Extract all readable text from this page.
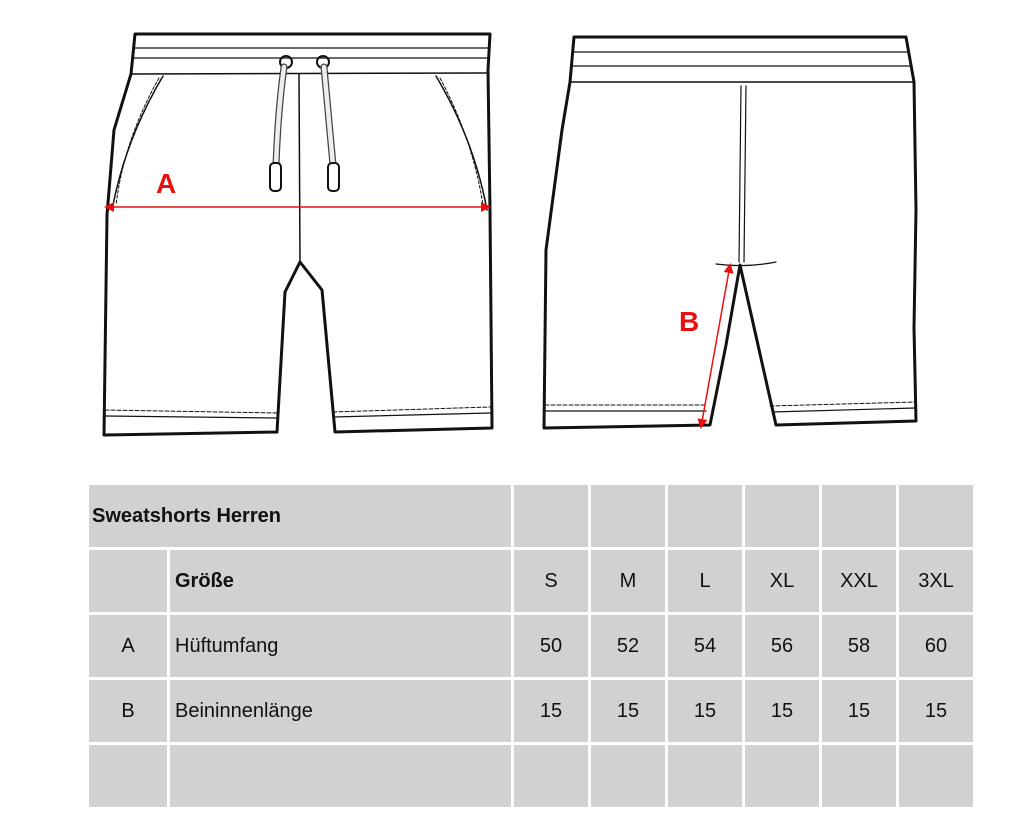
A
B
Sweatshorts Herren							
	Größe	S	M	L	XL	XXL	3XL
A	Hüftumfang	50	52	54	56	58	60
B	Beininnenlänge	15	15	15	15	15	15
